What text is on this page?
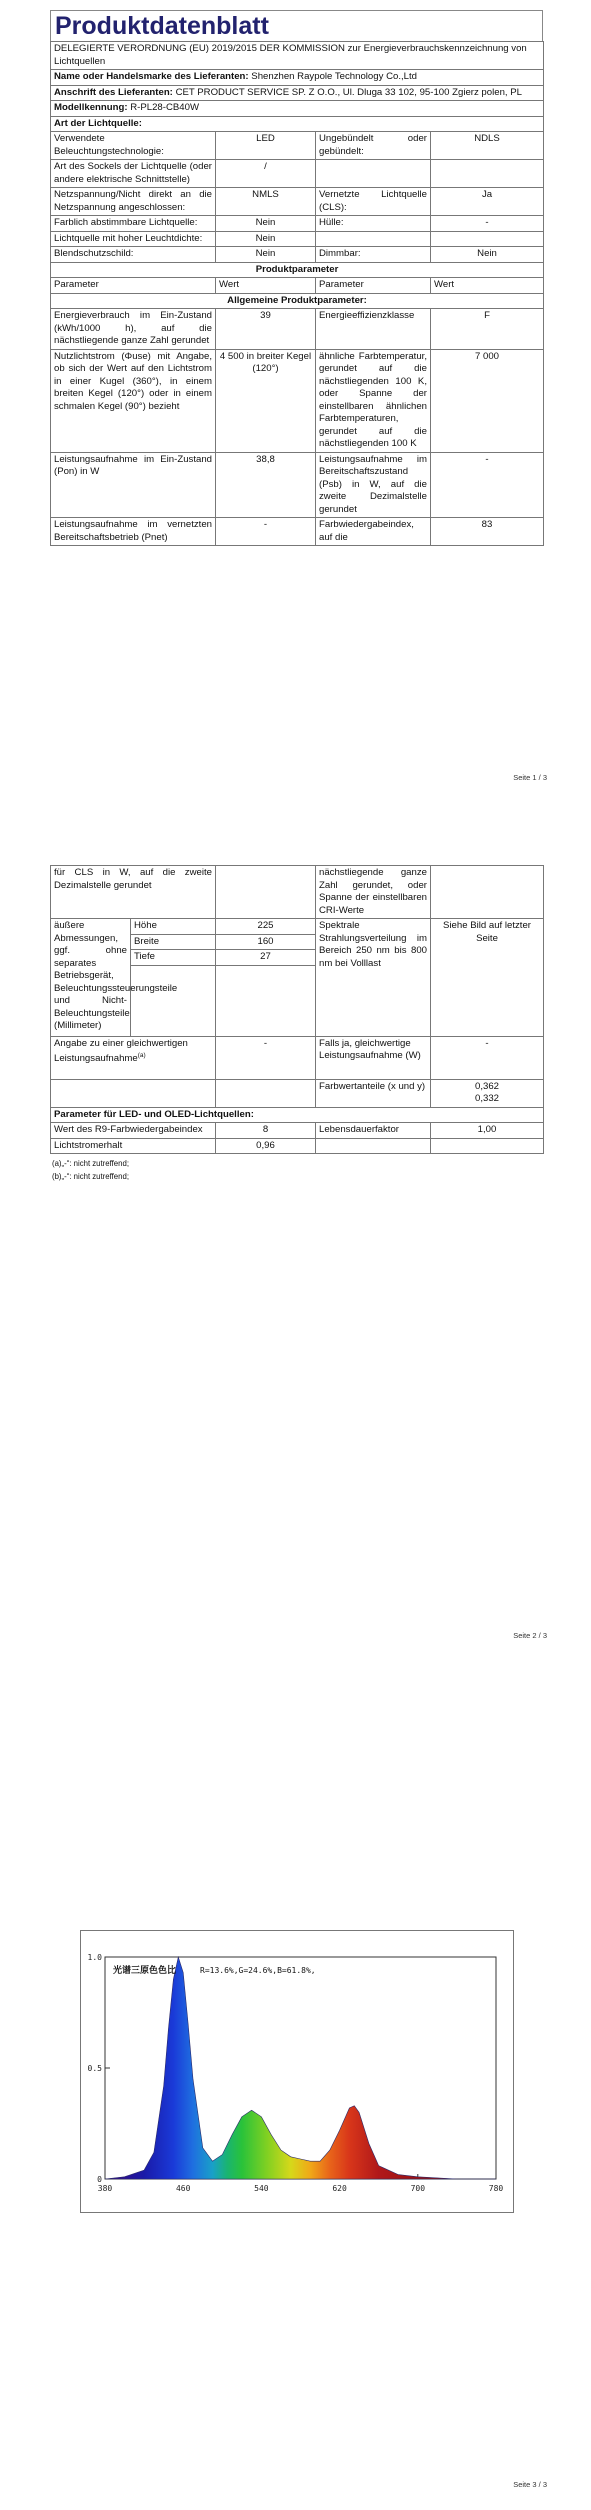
Produktdatenblatt
DELEGIERTE VERORDNUNG (EU) 2019/2015 DER KOMMISSION zur Energieverbrauchskennzeichnung von Lichtquellen			
Name oder Handelsmarke des Lieferanten: Shenzhen Raypole Technology Co.,Ltd			
Anschrift des Lieferanten: CET PRODUCT SERVICE SP. Z O.O., Ul. Dluga 33 102, 95-100 Zgierz polen, PL			
Modellkennung: R-PL28-CB40W			
Art der Lichtquelle:			
Verwendete Beleuchtungstechnologie:	LED	Ungebündelt oder gebündelt:	NDLS
Art des Sockels der Lichtquelle (oder andere elektrische Schnittstelle)	/		
Netzspannung/Nicht direkt an die Netzspannung angeschlossen:	NMLS	Vernetzte Lichtquelle (CLS):	Ja
Farblich abstimmbare Lichtquelle:	Nein	Hülle:	-
Lichtquelle mit hoher Leuchtdichte:	Nein		
Blendschutzschild:	Nein	Dimmbar:	Nein
Produktparameter			
Parameter	Wert	Parameter	Wert
Allgemeine Produktparameter:			
Energieverbrauch im Ein-Zustand (kWh/1000 h), auf die nächstliegende ganze Zahl gerundet	39	Energieeffizienzklasse	F
Nutzlichtstrom (Φuse) mit Angabe, ob sich der Wert auf den Lichtstrom in einer Kugel (360°), in einem breiten Kegel (120°) oder in einem schmalen Kegel (90°) bezieht	4 500 in breiter Kegel (120°)	ähnliche Farbtemperatur, gerundet auf die nächstliegenden 100 K, oder Spanne der einstellbaren ähnlichen Farbtemperaturen, gerundet auf die nächstliegenden 100 K	7 000
Leistungsaufnahme im Ein-Zustand (Pon) in W	38,8	Leistungsaufnahme im Bereitschaftszustand (Psb) in W, auf die zweite Dezimalstelle gerundet	-
Leistungsaufnahme im vernetzten Bereitschaftsbetrieb (Pnet)	-	Farbwiedergabeindex, auf die	83
Seite 1 / 3
für CLS in W, auf die zweite Dezimalstelle gerundet			nächstliegende ganze Zahl gerundet, oder Spanne der einstellbaren CRI-Werte	
äußere Abmessungen, ggf. ohne separates Betriebsgerät, Beleuchtungssteuerungsteile und Nicht-Beleuchtungsteile (Millimeter)	Höhe	225	Spektrale Strahlungsverteilung im Bereich 250 nm bis 800 nm bei Volllast	Siehe Bild auf letzter Seite
	Breite	160		
	Tiefe	27		

Angabe zu einer gleichwertigen Leistungsaufnahme$^{(a)}$		-	Falls ja, gleichwertige Leistungsaufnahme (W)	-
			Farbwertanteile (x und y)	0,362
0,332
Parameter für LED- und OLED-Lichtquellen:				
Wert des R9-Farbwiedergabeindex		8	Lebensdauerfaktor	1,00
Lichtstromerhalt		0,96		
(a)„-“: nicht zutreffend;
(b)„-“: nicht zutreffend;
Seite 2 / 3
1.0
0.5
0
380	460	540	620	700	780
光谱三原色色比	R=13.6%,G=24.6%,B=61.8%,
Seite 3 / 3
